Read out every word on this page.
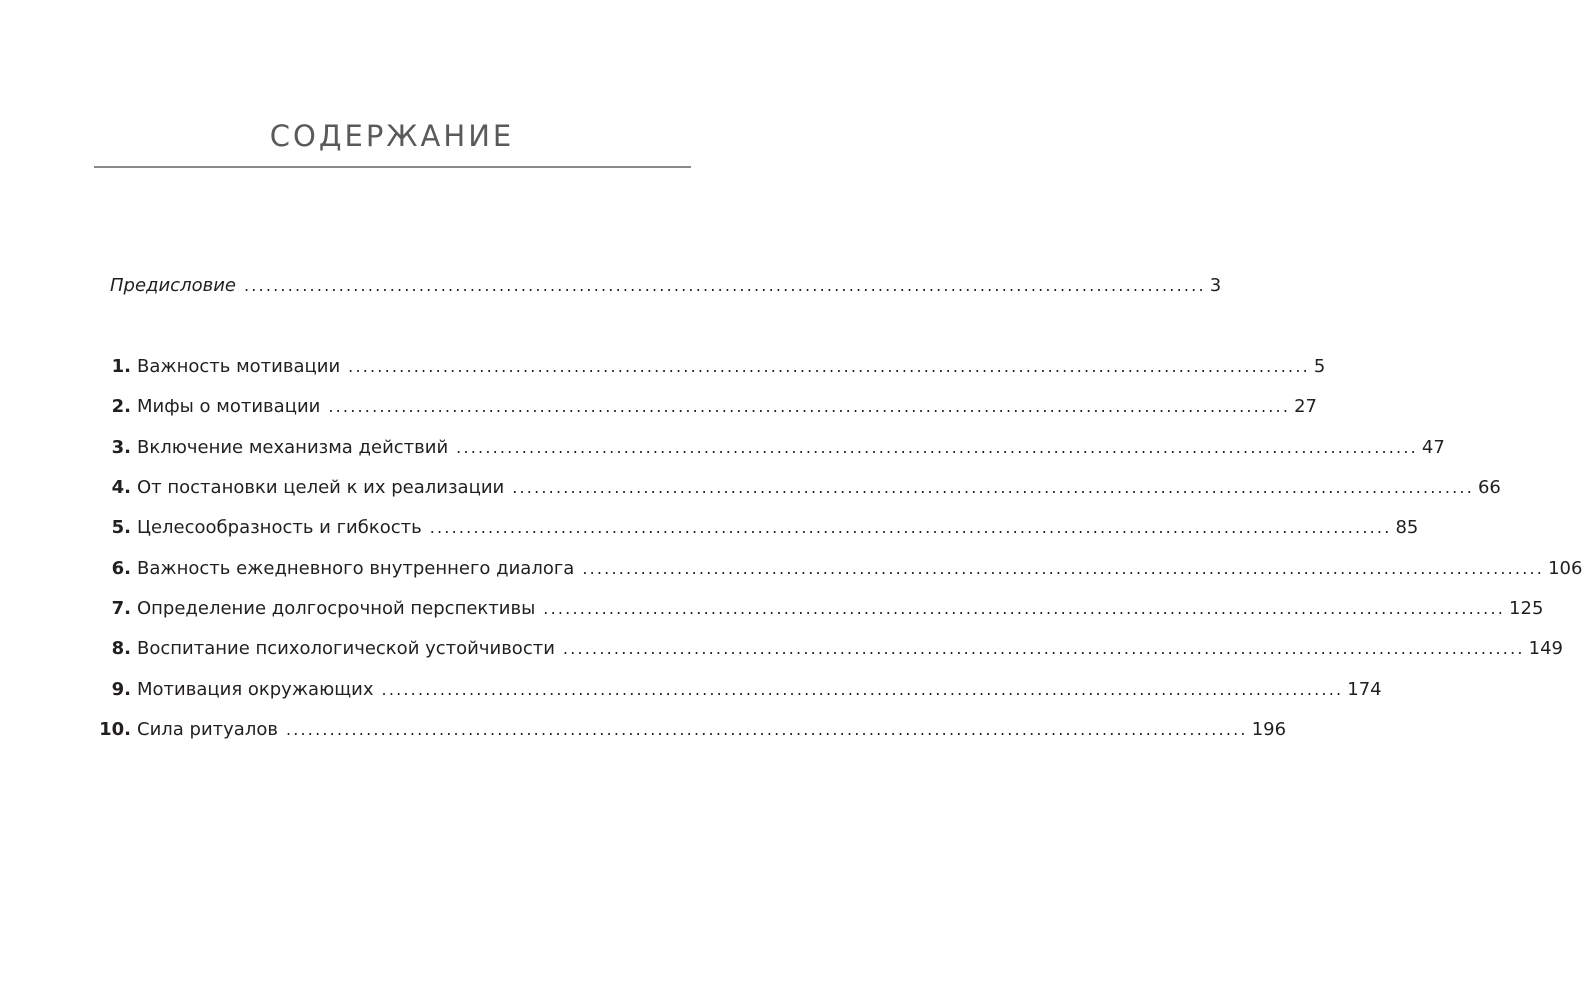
СОДЕРЖАНИЕ
Предисловие .................................................................................................................................... 3
1. Важность мотивации .................................................................................................................................... 5
2. Мифы о мотивации .................................................................................................................................... 27
3. Включение механизма действий .................................................................................................................................... 47
4. От постановки целей к их реализации .................................................................................................................................... 66
5. Целесообразность и гибкость .................................................................................................................................... 85
6. Важность ежедневного внутреннего диалога .................................................................................................................................... 106
7. Определение долгосрочной перспективы .................................................................................................................................... 125
8. Воспитание психологической устойчивости .................................................................................................................................... 149
9. Мотивация окружающих .................................................................................................................................... 174
10. Сила ритуалов .................................................................................................................................... 196
